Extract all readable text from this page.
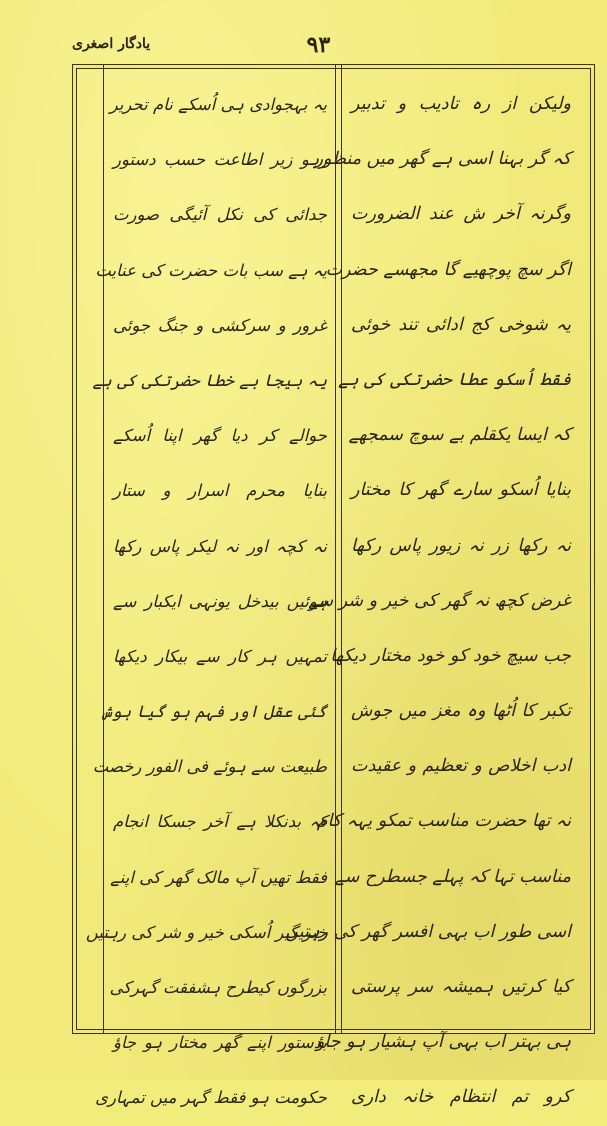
یادگار اصغری	۹۳
ولیکن از رہ تادیب و تدبیر
کہ گر بہنا اسی ہے گھر میں منظور
وگرنہ آخر ش عند الضرورت
اگر سچ پوچھیے گا مجھسے حضرت
یہ شوخی کج ادائی تند خوئی
فقط اُسکو عطا حضرتکی کی ہے
کہ ایسا یکقلم بے سوچ سمجھے
بنایا اُسکو سارے گھر کا مختار
نہ رکھا زر نہ زیور پاس رکھا
غرض کچھ نہ گھر کی خیر و شر سے
جب سیچ خود کو خود مختار دیکھا
تکبر کا اُٹھا وہ مغز میں جوش
ادب اخلاص و تعظیم و عقیدت
نہ تھا حضرت مناسب تمکو یہہ کام
مناسب تہا کہ پہلے جسطرح سے
اسی طور اب بہی افسر گھر کی رہتیں
کیا کرتیں ہمیشہ سر پرستی
ہی بہتر اب بہی آپ ہشیار ہو جاؤ
کرو تم انتظام خانہ داری
یہ بہجوادی ہی اُسکے نام تحریر
رہو زیر اطاعت حسب دستور
جدائی کی نکل آئیگی صورت
یہ ہے سب بات حضرت کی عنایت
غرور و سرکشی و جنگ جوئی
یہ بیجا بے خطا حضرتکی کی ہے
حوالے کر دیا گھر اپنا اُسکے
بنایا محرم اسرار و ستار
نہ کچہ اور نہ لیکر پاس رکھا
ہوئیں بیدخل یونہی ایکبار سے
تمہیں ہر کار سے بیکار دیکھا
گئی عقل اور فہم ہو گیا ہوش
طبیعت سے ہوئے فی الفور رخصت
کہ بدنکلا ہے آخر جسکا انجام
فقط تھیں آپ مالک گھر کی اپنے
خبر گیر اُسکی خیر و شر کی رہتیں
بزرگوں کیطرح ہشفقت گہرکی
بدستور اپنے گھر مختار ہو جاؤ
حکومت ہو فقط گہر میں تمہاری
